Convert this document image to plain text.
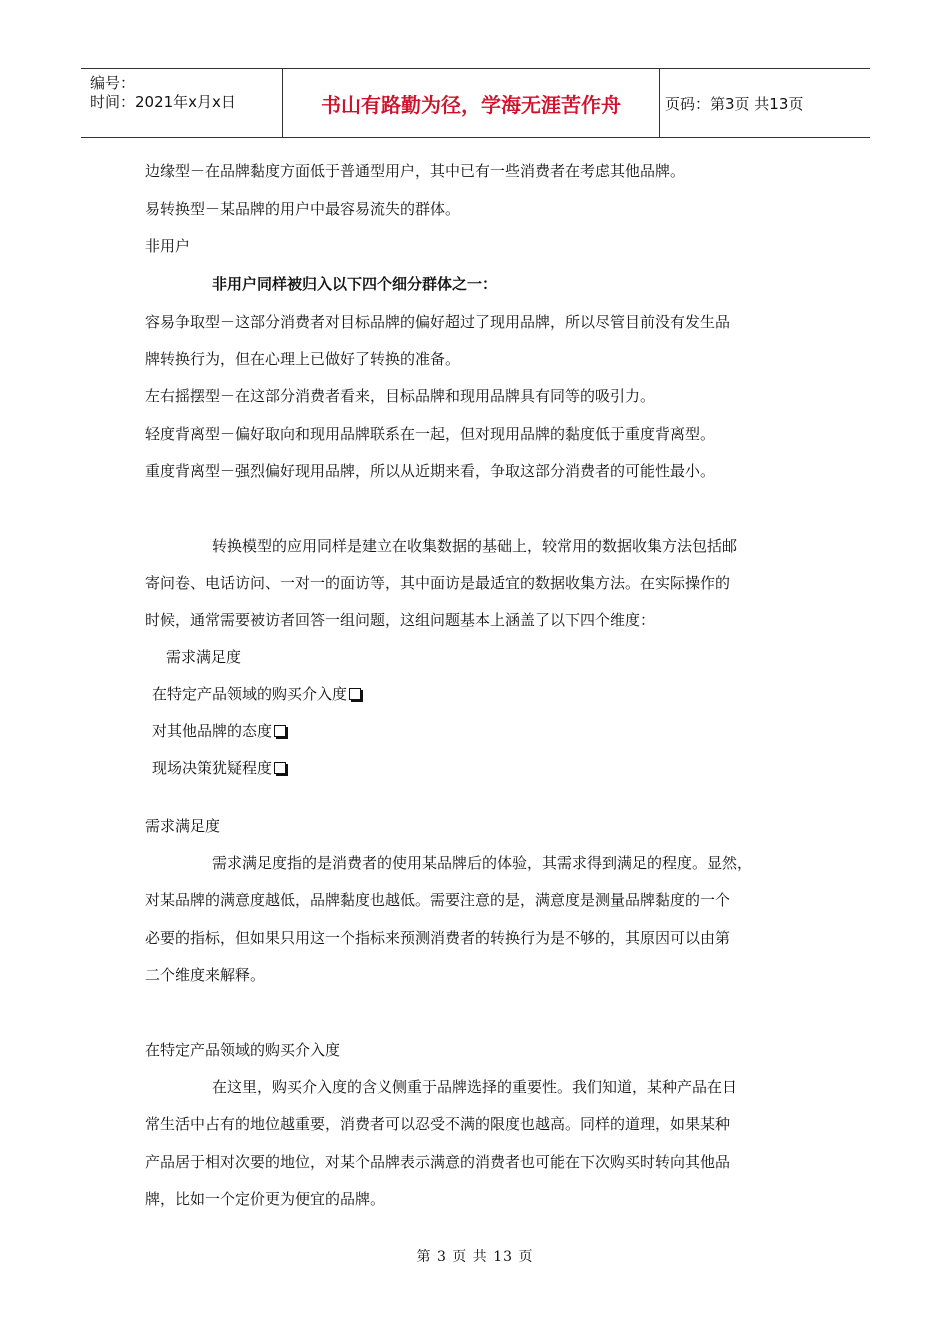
编号：
时间：2021年x月x日	书山有路勤为径，学海无涯苦作舟	页码：第3页 共13页
边缘型－在品牌黏度方面低于普通型用户，其中已有一些消费者在考虑其他品牌。
易转换型－某品牌的用户中最容易流失的群体。
非用户
非用户同样被归入以下四个细分群体之一：
容易争取型－这部分消费者对目标品牌的偏好超过了现用品牌，所以尽管目前没有发生品
牌转换行为，但在心理上已做好了转换的准备。
左右摇摆型－在这部分消费者看来，目标品牌和现用品牌具有同等的吸引力。
轻度背离型－偏好取向和现用品牌联系在一起，但对现用品牌的黏度低于重度背离型。
重度背离型－强烈偏好现用品牌，所以从近期来看，争取这部分消费者的可能性最小。
转换模型的应用同样是建立在收集数据的基础上，较常用的数据收集方法包括邮
寄问卷、电话访问、一对一的面访等，其中面访是最适宜的数据收集方法。在实际操作的
时候，通常需要被访者回答一组问题，这组问题基本上涵盖了以下四个维度：
需求满足度
在特定产品领域的购买介入度
对其他品牌的态度
现场决策犹疑程度
需求满足度
需求满足度指的是消费者的使用某品牌后的体验，其需求得到满足的程度。显然，
对某品牌的满意度越低，品牌黏度也越低。需要注意的是，满意度是测量品牌黏度的一个
必要的指标，但如果只用这一个指标来预测消费者的转换行为是不够的，其原因可以由第
二个维度来解释。
在特定产品领域的购买介入度
在这里，购买介入度的含义侧重于品牌选择的重要性。我们知道，某种产品在日
常生活中占有的地位越重要，消费者可以忍受不满的限度也越高。同样的道理，如果某种
产品居于相对次要的地位，对某个品牌表示满意的消费者也可能在下次购买时转向其他品
牌，比如一个定价更为便宜的品牌。
第 3 页 共 13 页
